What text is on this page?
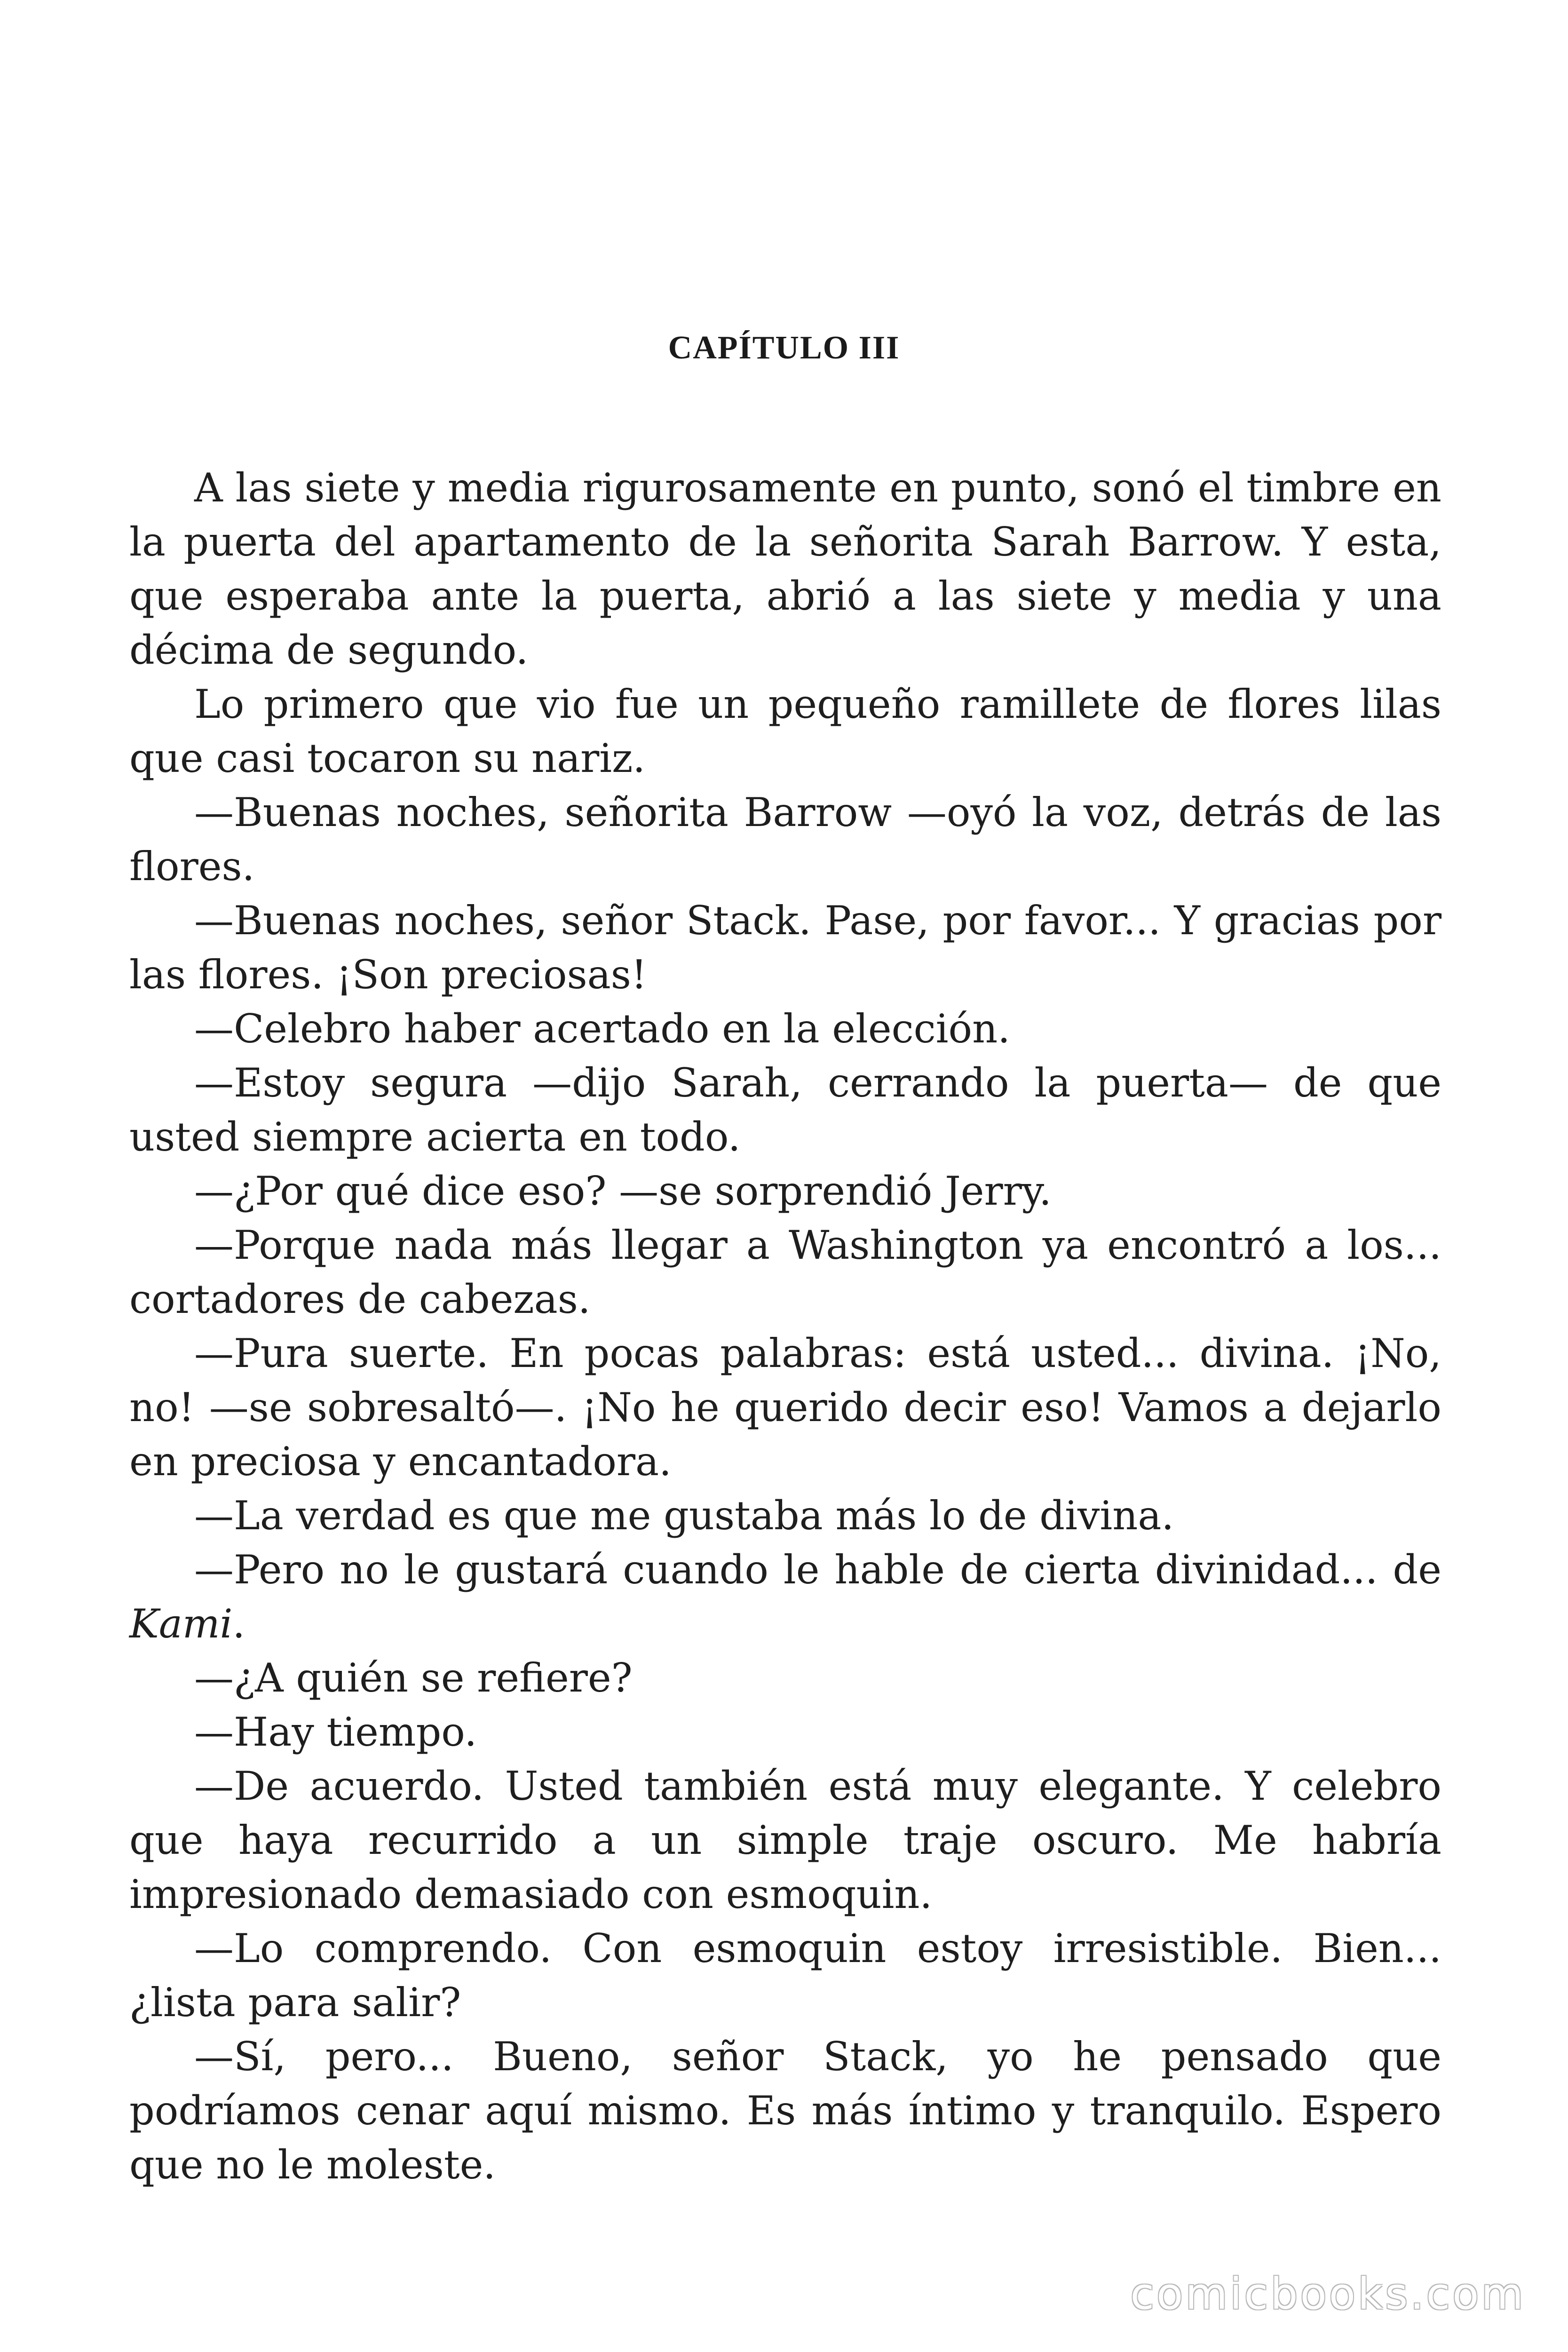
CAPÍTULO III

A las siete y media rigurosamente en punto, sonó el timbre en la puerta del apartamento de la señorita Sarah Barrow. Y esta, que esperaba ante la puerta, abrió a las siete y media y una décima de segundo.

Lo primero que vio fue un pequeño ramillete de flores lilas que casi tocaron su nariz.

—Buenas noches, señorita Barrow —oyó la voz, detrás de las flores.

—Buenas noches, señor Stack. Pase, por favor... Y gracias por las flores. ¡Son preciosas!

—Celebro haber acertado en la elección.

—Estoy segura —dijo Sarah, cerrando la puerta— de que usted siempre acierta en todo.

—¿Por qué dice eso? —se sorprendió Jerry.

—Porque nada más llegar a Washington ya encontró a los... cortadores de cabezas.

—Pura suerte. En pocas palabras: está usted... divina. ¡No, no! —se sobresaltó—. ¡No he querido decir eso! Vamos a dejarlo en preciosa y encantadora.

—La verdad es que me gustaba más lo de divina.

—Pero no le gustará cuando le hable de cierta divinidad... de Kami.

—¿A quién se refiere?

—Hay tiempo.

—De acuerdo. Usted también está muy elegante. Y celebro que haya recurrido a un simple traje oscuro. Me habría impresionado demasiado con esmoquin.

—Lo comprendo. Con esmoquin estoy irresistible. Bien... ¿lista para salir?

—Sí, pero... Bueno, señor Stack, yo he pensado que podríamos cenar aquí mismo. Es más íntimo y tranquilo. Espero que no le moleste.

comicbooks.com
